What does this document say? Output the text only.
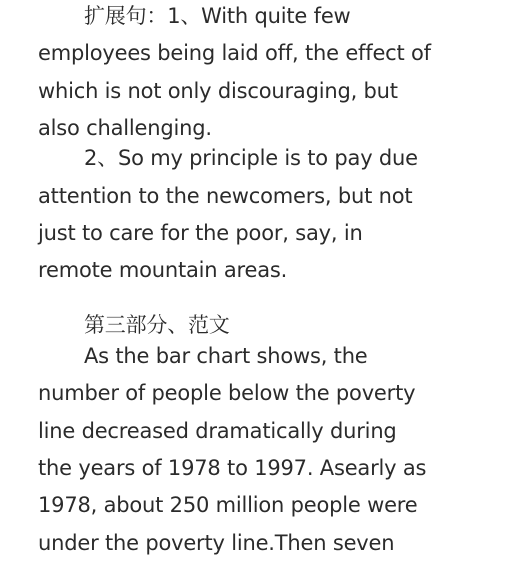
扩展句：1、With quite few
employees being laid off, the effect of
which is not only discouraging, but
also challenging.
2、So my principle is to pay due
attention to the newcomers, but not
just to care for the poor, say, in
remote mountain areas.
第三部分、范文
As the bar chart shows, the
number of people below the poverty
line decreased dramatically during
the years of 1978 to 1997. Asearly as
1978, about 250 million people were
under the poverty line.Then seven
